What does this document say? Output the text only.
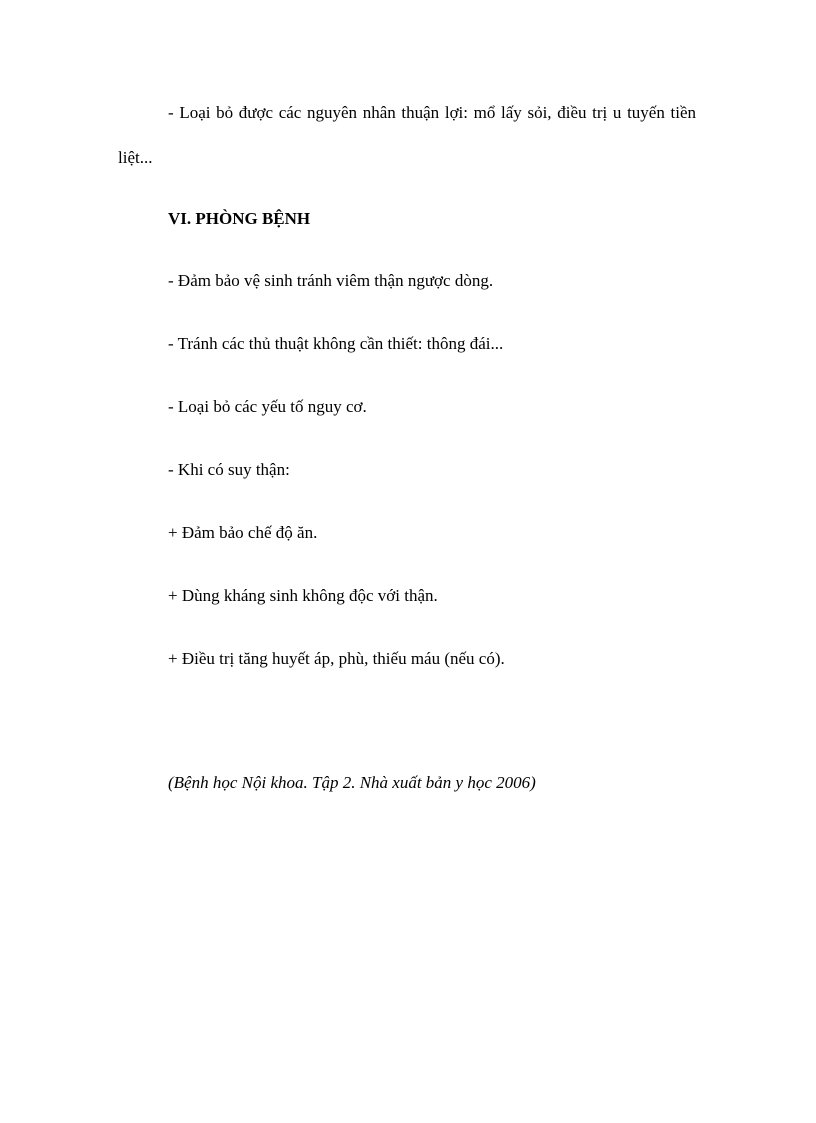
- Loại bỏ được các nguyên nhân thuận lợi: mổ lấy sỏi, điều trị u tuyến tiền
liệt...
VI. PHÒNG BỆNH
- Đảm bảo vệ sinh tránh viêm thận ngược dòng.
- Tránh các thủ thuật không cần thiết: thông đái...
- Loại bỏ các yếu tố nguy cơ.
- Khi có suy thận:
+ Đảm bảo chế độ ăn.
+ Dùng kháng sinh không độc với thận.
+ Điều trị tăng huyết áp, phù, thiếu máu (nếu có).
(Bệnh học Nội khoa. Tập 2. Nhà xuất bản y học 2006)
